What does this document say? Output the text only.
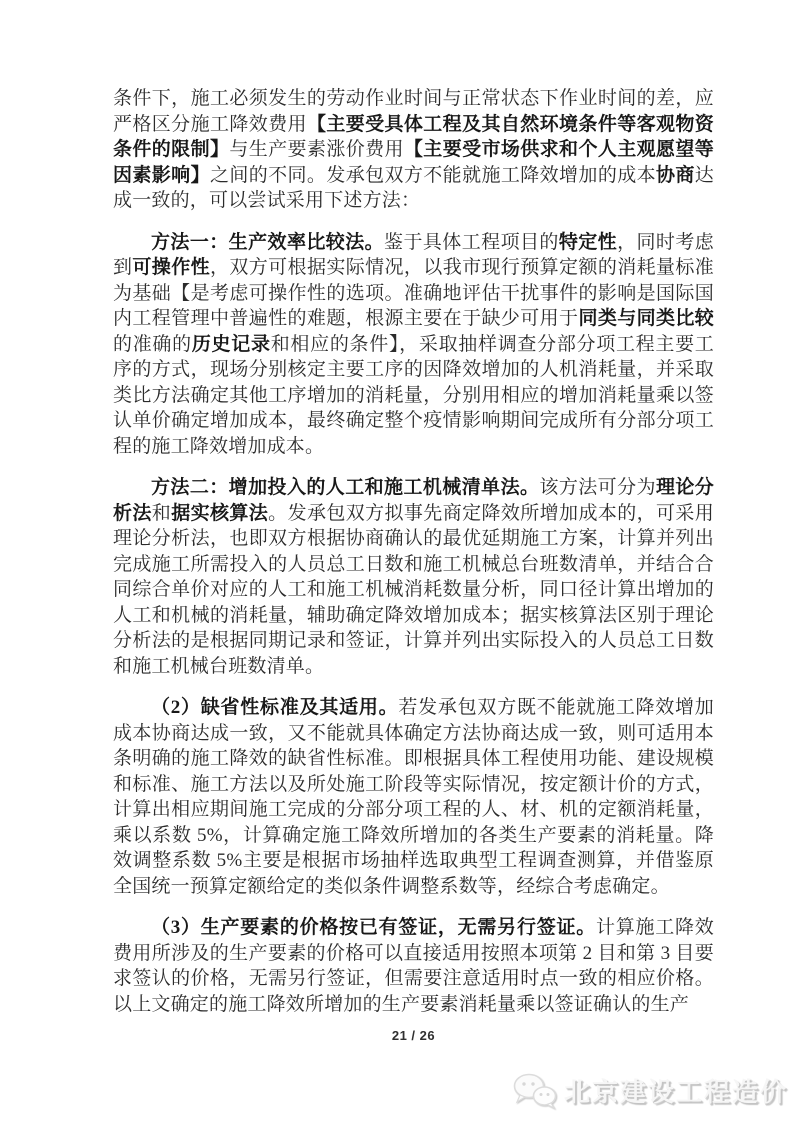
条件下，施工必须发生的劳动作业时间与正常状态下作业时间的差，应严格区分施工降效费用【主要受具体工程及其自然环境条件等客观物资条件的限制】与生产要素涨价费用【主要受市场供求和个人主观愿望等因素影响】之间的不同。发承包双方不能就施工降效增加的成本协商达成一致的，可以尝试采用下述方法：

方法一：生产效率比较法。鉴于具体工程项目的特定性，同时考虑到可操作性，双方可根据实际情况，以我市现行预算定额的消耗量标准为基础【是考虑可操作性的选项。准确地评估干扰事件的影响是国际国内工程管理中普遍性的难题，根源主要在于缺少可用于同类与同类比较的准确的历史记录和相应的条件】，采取抽样调查分部分项工程主要工序的方式，现场分别核定主要工序的因降效增加的人机消耗量，并采取类比方法确定其他工序增加的消耗量，分别用相应的增加消耗量乘以签认单价确定增加成本，最终确定整个疫情影响期间完成所有分部分项工程的施工降效增加成本。

方法二：增加投入的人工和施工机械清单法。该方法可分为理论分析法和据实核算法。发承包双方拟事先商定降效所增加成本的，可采用理论分析法，也即双方根据协商确认的最优延期施工方案，计算并列出完成施工所需投入的人员总工日数和施工机械总台班数清单，并结合合同综合单价对应的人工和施工机械消耗数量分析，同口径计算出增加的人工和机械的消耗量，辅助确定降效增加成本；据实核算法区别于理论分析法的是根据同期记录和签证，计算并列出实际投入的人员总工日数和施工机械台班数清单。

（2）缺省性标准及其适用。若发承包双方既不能就施工降效增加成本协商达成一致，又不能就具体确定方法协商达成一致，则可适用本条明确的施工降效的缺省性标准。即根据具体工程使用功能、建设规模和标准、施工方法以及所处施工阶段等实际情况，按定额计价的方式，计算出相应期间施工完成的分部分项工程的人、材、机的定额消耗量，乘以系数 5%，计算确定施工降效所增加的各类生产要素的消耗量。降效调整系数 5%主要是根据市场抽样选取典型工程调查测算，并借鉴原全国统一预算定额给定的类似条件调整系数等，经综合考虑确定。

（3）生产要素的价格按已有签证，无需另行签证。计算施工降效费用所涉及的生产要素的价格可以直接适用按照本项第 2 目和第 3 目要求签认的价格，无需另行签证，但需要注意适用时点一致的相应价格。以上文确定的施工降效所增加的生产要素消耗量乘以签证确认的生产

21 / 26
北京建设工程造价
